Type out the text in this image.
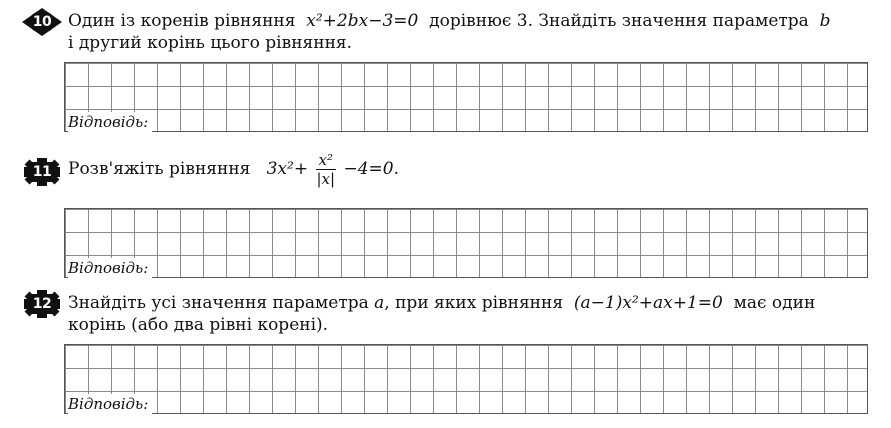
10 Один із коренів рівняння x²+2bx−3=0 дорівнює 3. Знайдіть значення параметра b
і другий корінь цього рівняння.
Відповідь:
11 Розв'яжіть рівняння $3x^2+ \frac{\text{x²}}{|x|} -4=0$.
Відповідь:
12 Знайдіть усі значення параметра a, при яких рівняння (a−1)x²+ax+1=0 має один
корінь (або два рівні корені).
Відповідь:
